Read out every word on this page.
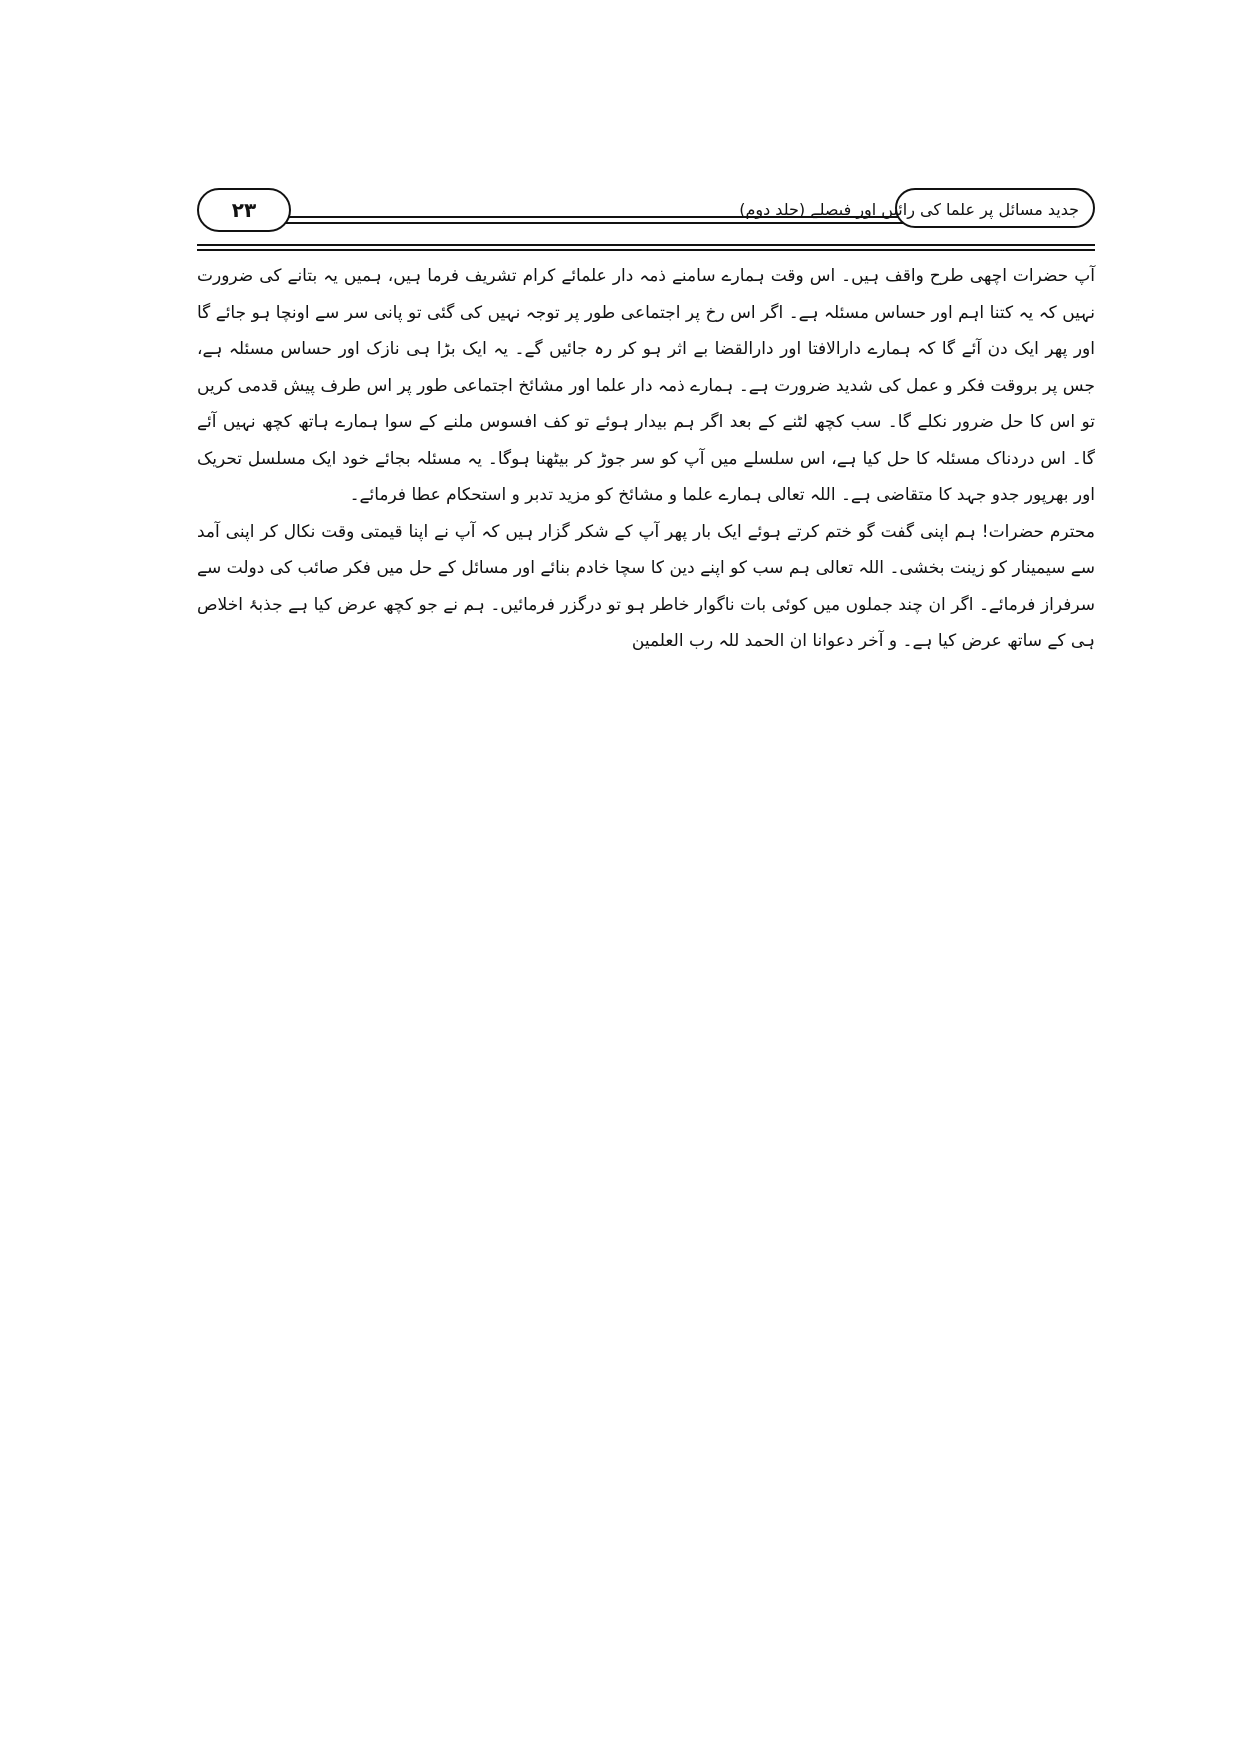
۲۳	جدید مسائل پر علما کی رائیں اور فیصلے (جلد دوم)

آپ حضرات اچھی طرح واقف ہیں۔ اس وقت ہمارے سامنے ذمہ دار علمائے کرام تشریف فرما ہیں، ہمیں یہ بتانے کی ضرورت نہیں کہ یہ کتنا اہم اور حساس مسئلہ ہے۔ اگر اس رخ پر اجتماعی طور پر توجہ نہیں کی گئی تو پانی سر سے اونچا ہو جائے گا اور پھر ایک دن آئے گا کہ ہمارے دارالافتا اور دارالقضا بے اثر ہو کر رہ جائیں گے۔ یہ ایک بڑا ہی نازک اور حساس مسئلہ ہے، جس پر بروقت فکر و عمل کی شدید ضرورت ہے۔ ہمارے ذمہ دار علما اور مشائخ اجتماعی طور پر اس طرف پیش قدمی کریں تو اس کا حل ضرور نکلے گا۔ سب کچھ لٹنے کے بعد اگر ہم بیدار ہوئے تو کف افسوس ملنے کے سوا ہمارے ہاتھ کچھ نہیں آئے گا۔ اس دردناک مسئلہ کا حل کیا ہے، اس سلسلے میں آپ کو سر جوڑ کر بیٹھنا ہوگا۔ یہ مسئلہ بجائے خود ایک مسلسل تحریک اور بھرپور جدو جہد کا متقاضی ہے۔ اللہ تعالی ہمارے علما و مشائخ کو مزید تدبر و استحکام عطا فرمائے۔

محترم حضرات! ہم اپنی گفت گو ختم کرتے ہوئے ایک بار پھر آپ کے شکر گزار ہیں کہ آپ نے اپنا قیمتی وقت نکال کر اپنی آمد سے سیمینار کو زینت بخشی۔ اللہ تعالی ہم سب کو اپنے دین کا سچا خادم بنائے اور مسائل کے حل میں فکر صائب کی دولت سے سرفراز فرمائے۔ اگر ان چند جملوں میں کوئی بات ناگوار خاطر ہو تو درگزر فرمائیں۔ ہم نے جو کچھ عرض کیا ہے جذبۂ اخلاص ہی کے ساتھ عرض کیا ہے۔ و آخر دعوانا ان الحمد للہ رب العلمین
